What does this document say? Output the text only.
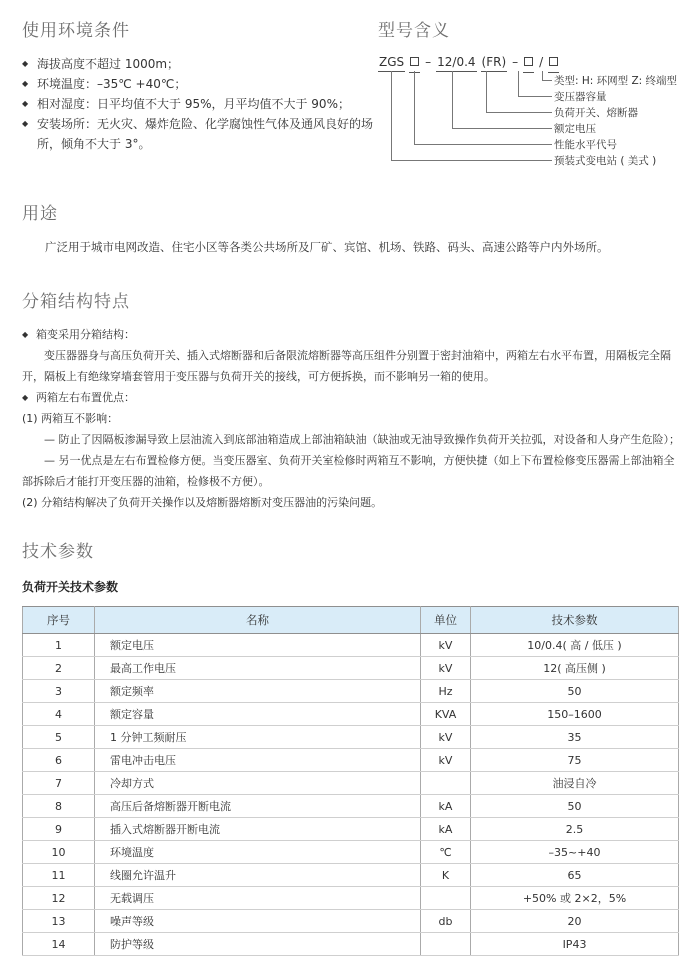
使用环境条件
◆ 海拔高度不超过 1000m；
◆ 环境温度：–35℃ +40℃；
◆ 相对湿度：日平均值不大于 95%，月平均值不大于 90%；
◆ 安装场所：无火灾、爆炸危险、化学腐蚀性气体及通风良好的场所，倾角不大于 3°。
型号含义
ZGS – 12/0.4 (FR) – /
类型: H: 环网型 Z: 终端型
变压器容量
负荷开关、熔断器
额定电压
性能水平代号
预装式变电站 ( 美式 )
用途

广泛用于城市电网改造、住宅小区等各类公共场所及厂矿、宾馆、机场、铁路、码头、高速公路等户内外场所。

分箱结构特点
◆ 箱变采用分箱结构：
变压器器身与高压负荷开关、插入式熔断器和后备限流熔断器等高压组件分别置于密封油箱中，两箱左右水平布置，用隔板完全隔开，隔板上有绝缘穿墙套管用于变压器与负荷开关的接线，可方便拆换，而不影响另一箱的使用。
◆ 两箱左右布置优点：
(1) 两箱互不影响：
— 防止了因隔板渗漏导致上层油流入到底部油箱造成上部油箱缺油（缺油或无油导致操作负荷开关拉弧，对设备和人身产生危险）；
— 另一优点是左右布置检修方便。当变压器室、负荷开关室检修时两箱互不影响，方便快捷（如上下布置检修变压器需上部油箱全部拆除后才能打开变压器的油箱，检修极不方便）。
(2) 分箱结构解决了负荷开关操作以及熔断器熔断对变压器油的污染问题。
技术参数
负荷开关技术参数
序号	名称	单位	技术参数
1	额定电压	kV	10/0.4( 高 / 低压 )
2	最高工作电压	kV	12( 高压侧 )
3	额定频率	Hz	50
4	额定容量	KVA	150–1600
5	1 分钟工频耐压	kV	35
6	雷电冲击电压	kV	75
7	冷却方式		油浸自冷
8	高压后备熔断器开断电流	kA	50
9	插入式熔断器开断电流	kA	2.5
10	环境温度	℃	–35~+40
11	线圈允许温升	K	65
12	无载调压		+50% 或 2×2，5%
13	噪声等级	db	20
14	防护等级		IP43
